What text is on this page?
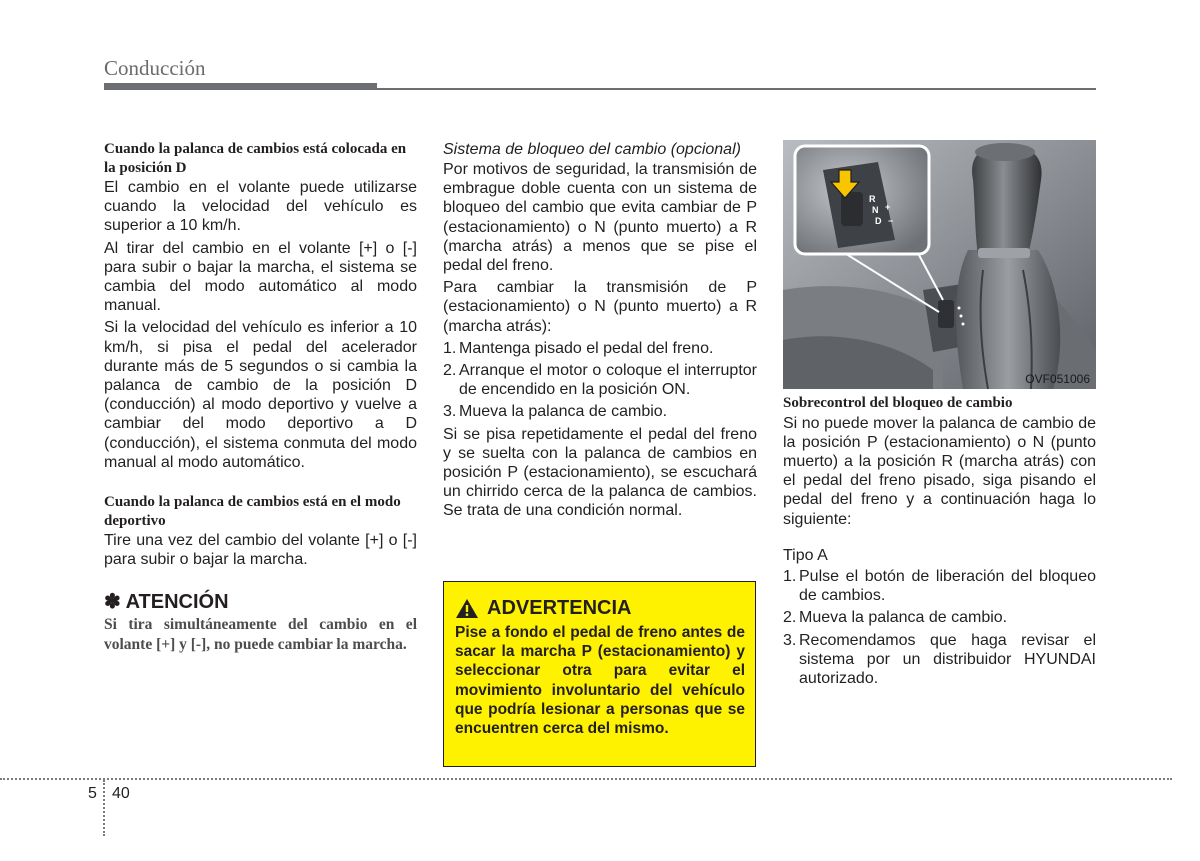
Conducción
Cuando la palanca de cambios está colocada en la posición D

El cambio en el volante puede utilizarse cuando la velocidad del vehículo es superior a 10 km/h.

Al tirar del cambio en el volante [+] o [-] para subir o bajar la marcha, el sistema se cambia del modo automático al modo manual.

Si la velocidad del vehículo es inferior a 10 km/h, si pisa el pedal del acelerador durante más de 5 segundos o si cambia la palanca de cambio de la posición D (conducción) al modo deportivo y vuelve a cambiar del modo deportivo a D (conducción), el sistema conmuta del modo manual al modo automático.

Cuando la palanca de cambios está en el modo deportivo

Tire una vez del cambio del volante [+] o [-] para subir o bajar la marcha.

✽ ATENCIÓN
Si tira simultáneamente del cambio en el volante [+] y [-], no puede cambiar la marcha.
Sistema de bloqueo del cambio (opcional)

Por motivos de seguridad, la transmisión de embrague doble cuenta con un sistema de bloqueo del cambio que evita cambiar de P (estacionamiento) o N (punto muerto) a R (marcha atrás) a menos que se pise el pedal del freno.

Para cambiar la transmisión de P (estacionamiento) o N (punto muerto) a R (marcha atrás):

1. Mantenga pisado el pedal del freno.
2. Arranque el motor o coloque el interruptor de encendido en la posición ON.
3. Mueva la palanca de cambio.

Si se pisa repetidamente el pedal del freno y se suelta con la palanca de cambios en posición P (estacionamiento), se escuchará un chirrido cerca de la palanca de cambios. Se trata de una condición normal.

ADVERTENCIA
Pise a fondo el pedal de freno antes de sacar la marcha P (estacionamiento) y seleccionar otra para evitar el movimiento involuntario del vehículo que podría lesionar a personas que se encuentren cerca del mismo.
R
N
D
+
−
OVF051006
Sobrecontrol del bloqueo de cambio

Si no puede mover la palanca de cambio de la posición P (estacionamiento) o N (punto muerto) a la posición R (marcha atrás) con el pedal del freno pisado, siga pisando el pedal del freno y a continuación haga lo siguiente:

Tipo A

1. Pulse el botón de liberación del bloqueo de cambios.
2. Mueva la palanca de cambio.
3. Recomendamos que haga revisar el sistema por un distribuidor HYUNDAI autorizado.
5 40
